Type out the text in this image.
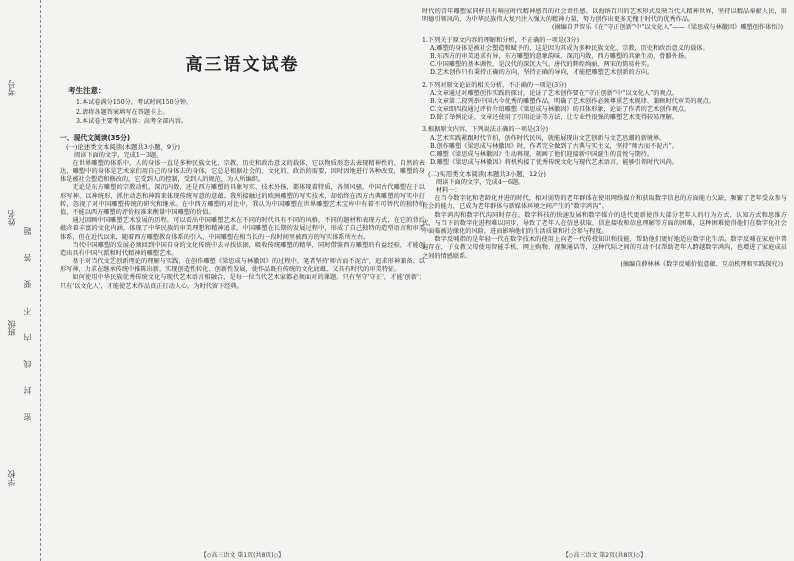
学校
班级
姓名
考号
密 封 线 内 不 要 答 题
高三语文试卷
考生注意：
1.本试卷满分150分，考试时间150分钟。
2.请将各题答案填写在答题卡上。
3.本试卷主要考试内容：高考全部内容。
一、现代文阅读(35分)
(一)论述类文本阅读(本题共3小题，9分)
阅读下面的文字，完成1～3题。

在世界雕塑的体系中，人的身体一直是多种民族文化、宗教、历史和政治意义的载体，它以物质形态去表现精神性的、自然的表达，雕塑中的身体是艺术家们用自己的身体去的身体，它总是根据社会的、文化的、政治的需要，因时因地进行各种改变，雕塑的身体是被社会塑造和修改的，它受到人的控制，受到人的规范，为人所编织。

无论是东方雕塑的宗教动机、深沉内敛，还是西方雕塑的具象写实、技术外扬，都体现着特质，各领风骚，中国古代雕塑在于以形写神、以神统形，抓住动态和神韵来体现传统写意的意蕴。我所接触过的欧洲雕塑的写实技术，却始终在西方古典雕塑的写实中打转，忽视了对中国雕塑传统的研究和继承。在中西方雕塑的对比中，我认为中国雕塑在世界雕塑艺术宝库中有着不可替代的独特价值，不能以西方雕塑的评价标准来衡量中国雕塑的价值。

通过回顾中国雕塑艺术发展的历程，可以看出中国雕塑艺术在不同的时代具有不同的风格，不同的题材和表现方式，在它的背后蕴含着丰富的文化内涵，体现了中华民族的审美理想和精神追求。中国雕塑在长期的发展过程中，形成了自己独特的造型语言和审美体系，但在近代以来，随着西方雕塑教育体系的引入，中国雕塑在相当长的一段时间里被西方的写实体系所左右。

当代中国雕塑的发展必须回到中国自身的文化传统中去寻找依据，吸收传统雕塑的精华，同时借鉴西方雕塑的有益经验，才能创造出具有中国气派和时代精神的雕塑艺术。

基于对当代文艺创新理论的理解与实践，在创作雕塑《梁思成与林徽因》的过程中，笔者坚持'师古而不泥古'，追求形神兼备、以形写神，力求在继承传统中推陈出新，实现创造性转化、创新性发展，使作品既有传统的文化底蕴，又具有时代的审美特征。

如何使用中华民族优秀传统文化与现代艺术语言相融合，是每一位当代艺术家都必须面对的课题。只有坚守'守正'，才能'创新'；只有'以文化人'，才能使艺术作品真正打动人心，为时代留下经典。

【◇高三语文 第1页(共8页)◇】

时代的青年雕塑家同样具有响应时代精神感召的社会责任感。以海纳百川的艺术形式反映当代人精神世界，坚持以精品奉献人民，用明德引领风尚，为中华民族伟大复兴注入强大的精神力量，努力创作出更多无愧于时代的优秀作品。

(摘编自尹智乐《在“守正创新”中“以文化人”——《梁思成与林徽因》雕塑创作体悟》)
1.下列关于原文内容的理解和分析，不正确的一项是(3分)
A.雕塑的身体是被社会塑造和赋予的，这是因为其成为多种民族文化、宗教、历史和政治意义的载体。
B.东西方的审美追求有异，东方雕塑的意象韵味、深沉内敛，西方雕塑的具象生动、骨骼外扬。
C.中国雕塑的基本调性，是汉代的深沉大气、唐代的辉煌绚丽、两宋的简易朴实。
D.艺术创作只有秉持正确的方向、坚持正确的导向，才能把雕塑艺术创新的方向。
2.下列对原文论证的相关分析，不正确的一项是(3分)
A.文章通过对雕塑创作实践的探讨，论证了艺术创作要在“守正创新”中“以文化人”的观点。
B.文章第二段列举中国古今优秀的雕塑作品，明确了艺术创作必须尊重艺术规律、兼顾时代审美的观点。
C.文章即四段通过评价介绍雕塑《梁思成与林徽因》的具体形象，论证了作者的艺术创作观点。
D.除了举例论证，文章还使用了引用论证等方法，让专业性很强的雕塑艺术变得较易理解。
3.根据原文内容，下列说法正确的一项是(3分)
A.艺术实践紧跟时代节拍，创作时代民风，就能展现出文艺创新与文艺思潮的新境界。
B.创作雕塑《梁思成与林徽因》时，作者完全做到了古典与实主义，坚持“师古而不泥古”。
C.雕塑《梁思成与林徽因》生动再现、刻画了他们迎接新中国诞生的喜悦与期待。
D.雕塑《梁思成与林徽因》将机构接了优秀传统文化与现代艺术语言，能够引领时代风尚。
(二)实用类文本阅读(本题共3小题，12分)
阅读下面的文字，完成4～6题。
材料一：

在当今数字化和老龄化并进的时代，相对弱势的老年群体在使用网络媒介和获取数字信息的方面能力欠缺，频繁了老年受众参与社会的能力，已成为老年群体与新媒体环境之间产生的“数字鸿沟”。

数字鸿沟和数字代沟同时存在。数字科技的快速发展和数字媒介的迭代更新使得大部分老年人的行为方式、认知方式和思维方式，与当下的数字化进程难以同步，导致了老年人在信息获取、信息接收和信息理解等方面的困难，这种困难使得他们在数字化社会中面临被边缘化的风险，进而影响他们的生活质量和社会参与程度。

数字反哺指的是年轻一代在数字技术的使用上向老一代传授知识和技能，帮助他们更好地适应数字化生活。数字反哺在家庭中普遍存在，子女教父母使用智能手机、网上购物、视频通话等，这种代际之间的互动不仅帮助老年人跨越数字鸿沟，也增进了家庭成员之间的情感联系。

(摘编自薛林林《数字反哺价值意蕴、互动机理和实践探究》)
【◇高三语文 第2页(共8页)◇】
